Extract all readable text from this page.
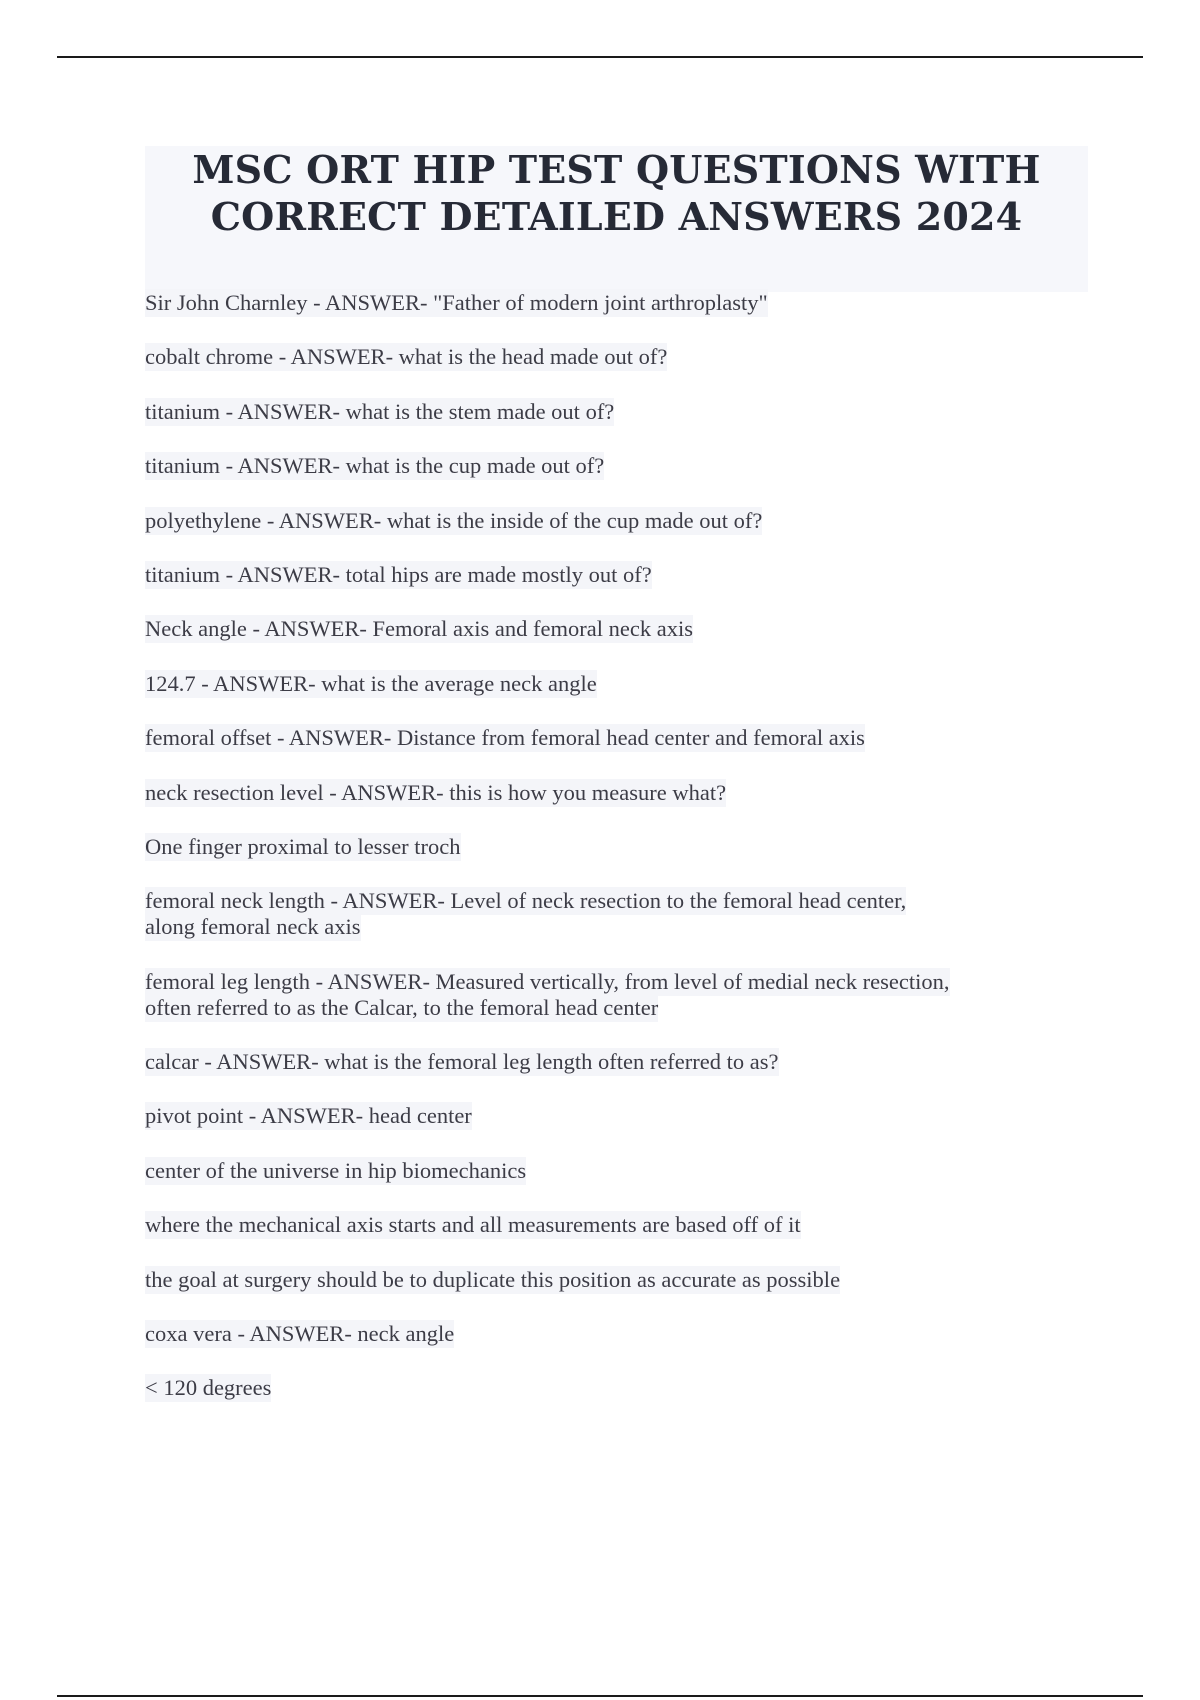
MSC ORT HIP TEST QUESTIONS WITH
CORRECT DETAILED ANSWERS 2024

Sir John Charnley - ANSWER- "Father of modern joint arthroplasty"

cobalt chrome - ANSWER- what is the head made out of?

titanium - ANSWER- what is the stem made out of?

titanium - ANSWER- what is the cup made out of?

polyethylene - ANSWER- what is the inside of the cup made out of?

titanium - ANSWER- total hips are made mostly out of?

Neck angle - ANSWER- Femoral axis and femoral neck axis

124.7 - ANSWER- what is the average neck angle

femoral offset - ANSWER- Distance from femoral head center and femoral axis

neck resection level - ANSWER- this is how you measure what?

One finger proximal to lesser troch

femoral neck length - ANSWER- Level of neck resection to the femoral head center,
along femoral neck axis

femoral leg length - ANSWER- Measured vertically, from level of medial neck resection,
often referred to as the Calcar, to the femoral head center

calcar - ANSWER- what is the femoral leg length often referred to as?

pivot point - ANSWER- head center

center of the universe in hip biomechanics

where the mechanical axis starts and all measurements are based off of it

the goal at surgery should be to duplicate this position as accurate as possible

coxa vera - ANSWER- neck angle

< 120 degrees
